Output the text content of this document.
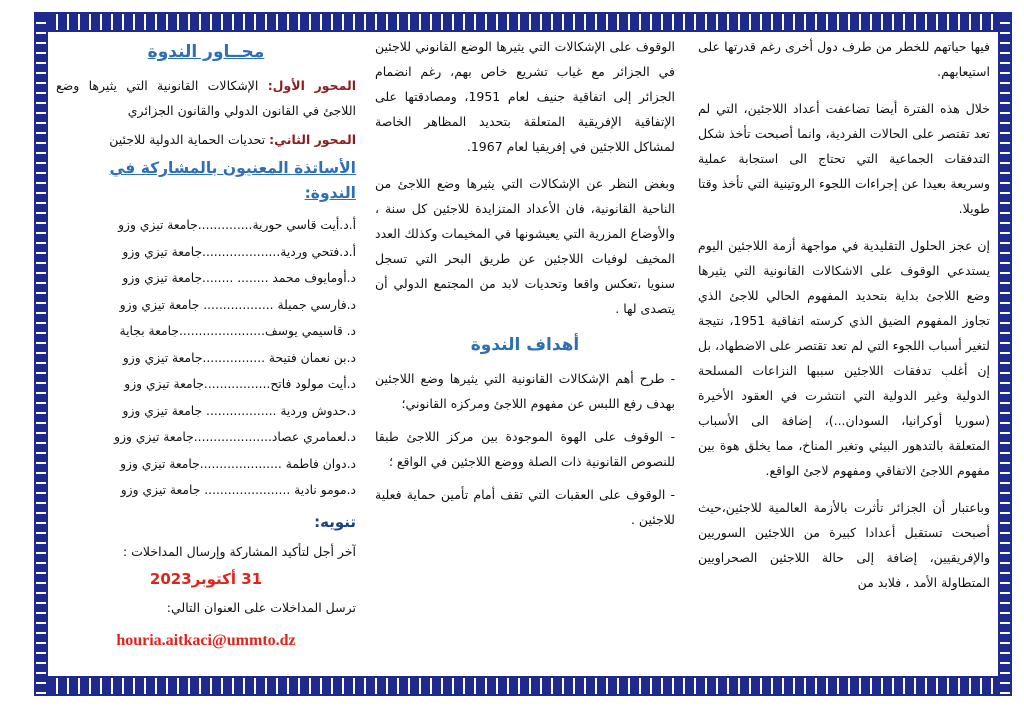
فيها حياتهم للخطر من طرف دول أخرى رغم قدرتها على استيعابهم.

خلال هذه الفترة أيضا تضاعفت أعداد اللاجئين، التي لم تعد تقتصر على الحالات الفردية، وانما أصبحت تأخذ شكل التدفقات الجماعية التي تحتاج الى استجابة عملية وسريعة بعيدا عن إجراءات اللجوء الروتينية التي تأخذ وقتا طويلا.

إن عجز الحلول التقليدية في مواجهة أزمة اللاجئين اليوم يستدعي الوقوف على الاشكالات القانونية التي يثيرها وضع اللاجئ بداية بتحديد المفهوم الحالي للاجئ الذي تجاوز المفهوم الضيق الذي كرسته اتفاقية 1951، نتيجة لتغير أسباب اللجوء التي لم تعد تقتصر على الاضطهاد، بل إن أغلب تدفقات اللاجئين سببها النزاعات المسلحة الدولية وغير الدولية التي انتشرت في العقود الأخيرة (سوريا أوكرانيا، السودان...)، إضافة الى الأسباب المتعلقة بالتدهور البيئي وتغير المناخ، مما يخلق هوة بين مفهوم اللاجئ الاتفاقي ومفهوم لاجئ الواقع.

وباعتبار أن الجزائر تأثرت بالأزمة العالمية للاجئين،حيث أصبحت تستقبل أعدادا كبيرة من اللاجئين السوريين والإفريقيين، إضافة إلى حالة اللاجئين الصحراويين المتطاولة الأمد ، فلابد من

الوقوف على الإشكالات التي يثيرها الوضع القانوني للاجئين في الجزائر مع غياب تشريع خاص بهم، رغم انضمام الجزائر إلى اتفاقية جنيف لعام 1951، ومصادقتها على الإتفاقية الإفريقية المتعلقة بتحديد المظاهر الخاصة لمشاكل اللاجئين في إفريقيا لعام 1967.

وبغض النظر عن الإشكالات التي يثيرها وضع اللاجئ من الناحية القانونية، فان الأعداد المتزايدة للاجئين كل سنة ، والأوضاع المزرية التي يعيشونها في المخيمات وكذلك العدد المخيف لوفيات اللاجئين عن طريق البحر التي تسجل سنويا ،تعكس واقعا وتحديات لابد من المجتمع الدولي أن يتصدى لها .

أهداف الندوة

- طرح أهم الإشكالات القانونية التي يثيرها وضع اللاجئين بهدف رفع اللبس عن مفهوم اللاجئ ومركزه القانوني؛

- الوقوف على الهوة الموجودة بين مركز اللاجئ طبقا للنصوص القانونية ذات الصلة ووضع اللاجئين في الواقع ؛

- الوقوف على العقبات التي تقف أمام تأمين حماية فعلية للاجئين .

محــاور الندوة

المحور الأول: الإشكالات القانونية التي يثيرها وضع اللاجئ في القانون الدولي والقانون الجزائري

المحور الثاني: تحديات الحماية الدولية للاجئين

الأساتذة المعنيون بالمشاركة في الندوة:
أ.د.أيت قاسي حورية..............جامعة تيزي وزو
أ.د.فتحي وردية....................جامعة تيزي وزو
د.أومايوف محمد ........ ........جامعة تيزي وزو
د.فارسي جميلة .................. جامعة تيزي وزو
د. قاسيمي يوسف......................جامعة بجاية
د.بن نعمان فتيحة ................جامعة تيزي وزو
د.أيت مولود فاتح.................جامعة تيزي وزو
د.حدوش وردية .................. جامعة تيزي وزو
د.لعمامري عصاد....................جامعة تيزي وزو
د.دوان فاطمة .....................جامعة تيزي وزو
د.مومو نادية ...................... جامعة تيزي وزو
تنويه:

آخر أجل لتأكيد المشاركة وإرسال المداخلات :

31 أكتوبر2023

ترسل المداخلات على العنوان التالي:

houria.aitkaci@ummto.dz
